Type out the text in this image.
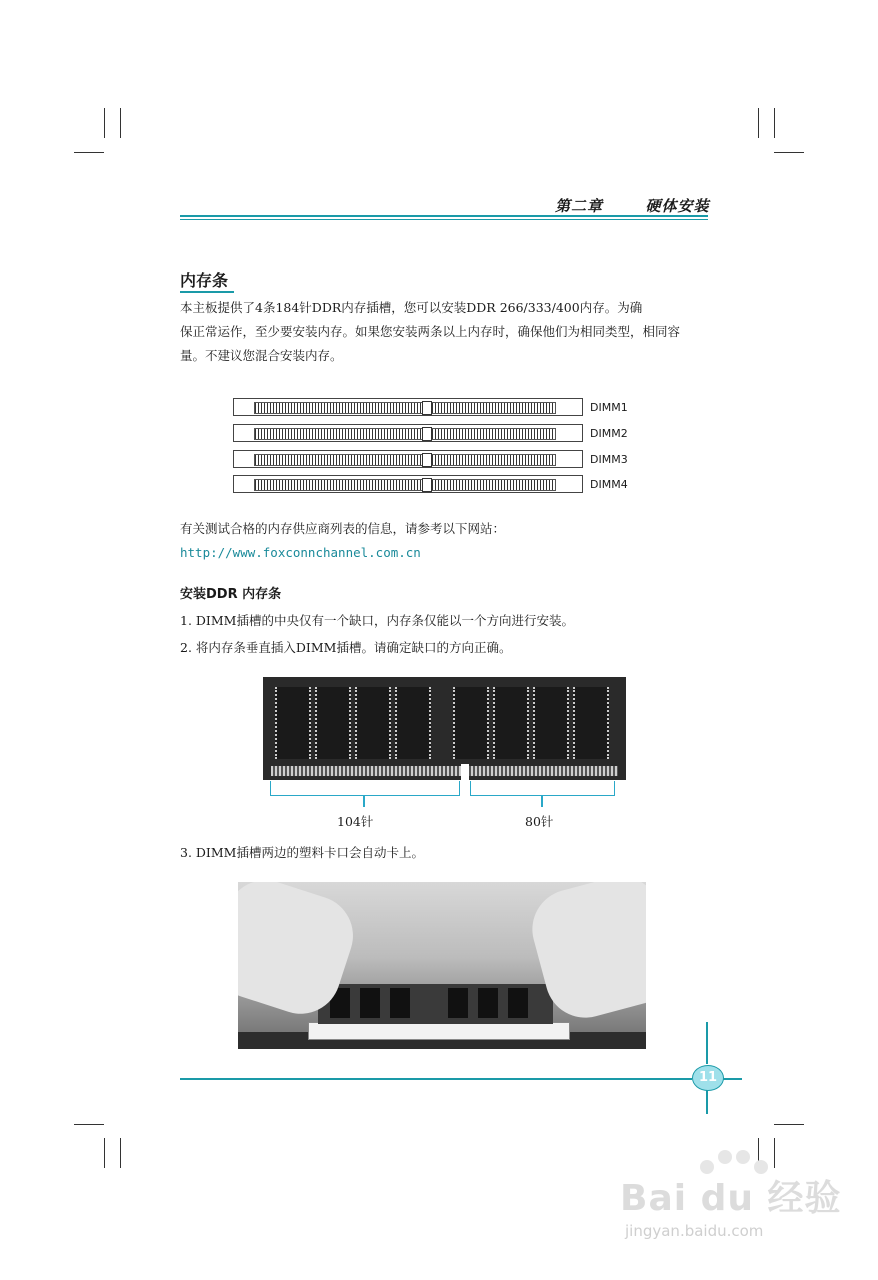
第二章	硬体安装
内存条
本主板提供了4条184针DDR内存插槽，您可以安装DDR 266/333/400内存。为确
保正常运作，至少要安装内存。如果您安装两条以上内存时，确保他们为相同类型，相同容
量。不建议您混合安装内存。
DIMM1
DIMM2
DIMM3
DIMM4
有关测试合格的内存供应商列表的信息，请参考以下网站：
http://www.foxconnchannel.com.cn
安装DDR 内存条
1. DIMM插槽的中央仅有一个缺口，内存条仅能以一个方向进行安装。
2. 将内存条垂直插入DIMM插槽。请确定缺口的方向正确。
104针	80针
3. DIMM插槽两边的塑料卡口会自动卡上。
11
Bai du 经验
jingyan.baidu.com
